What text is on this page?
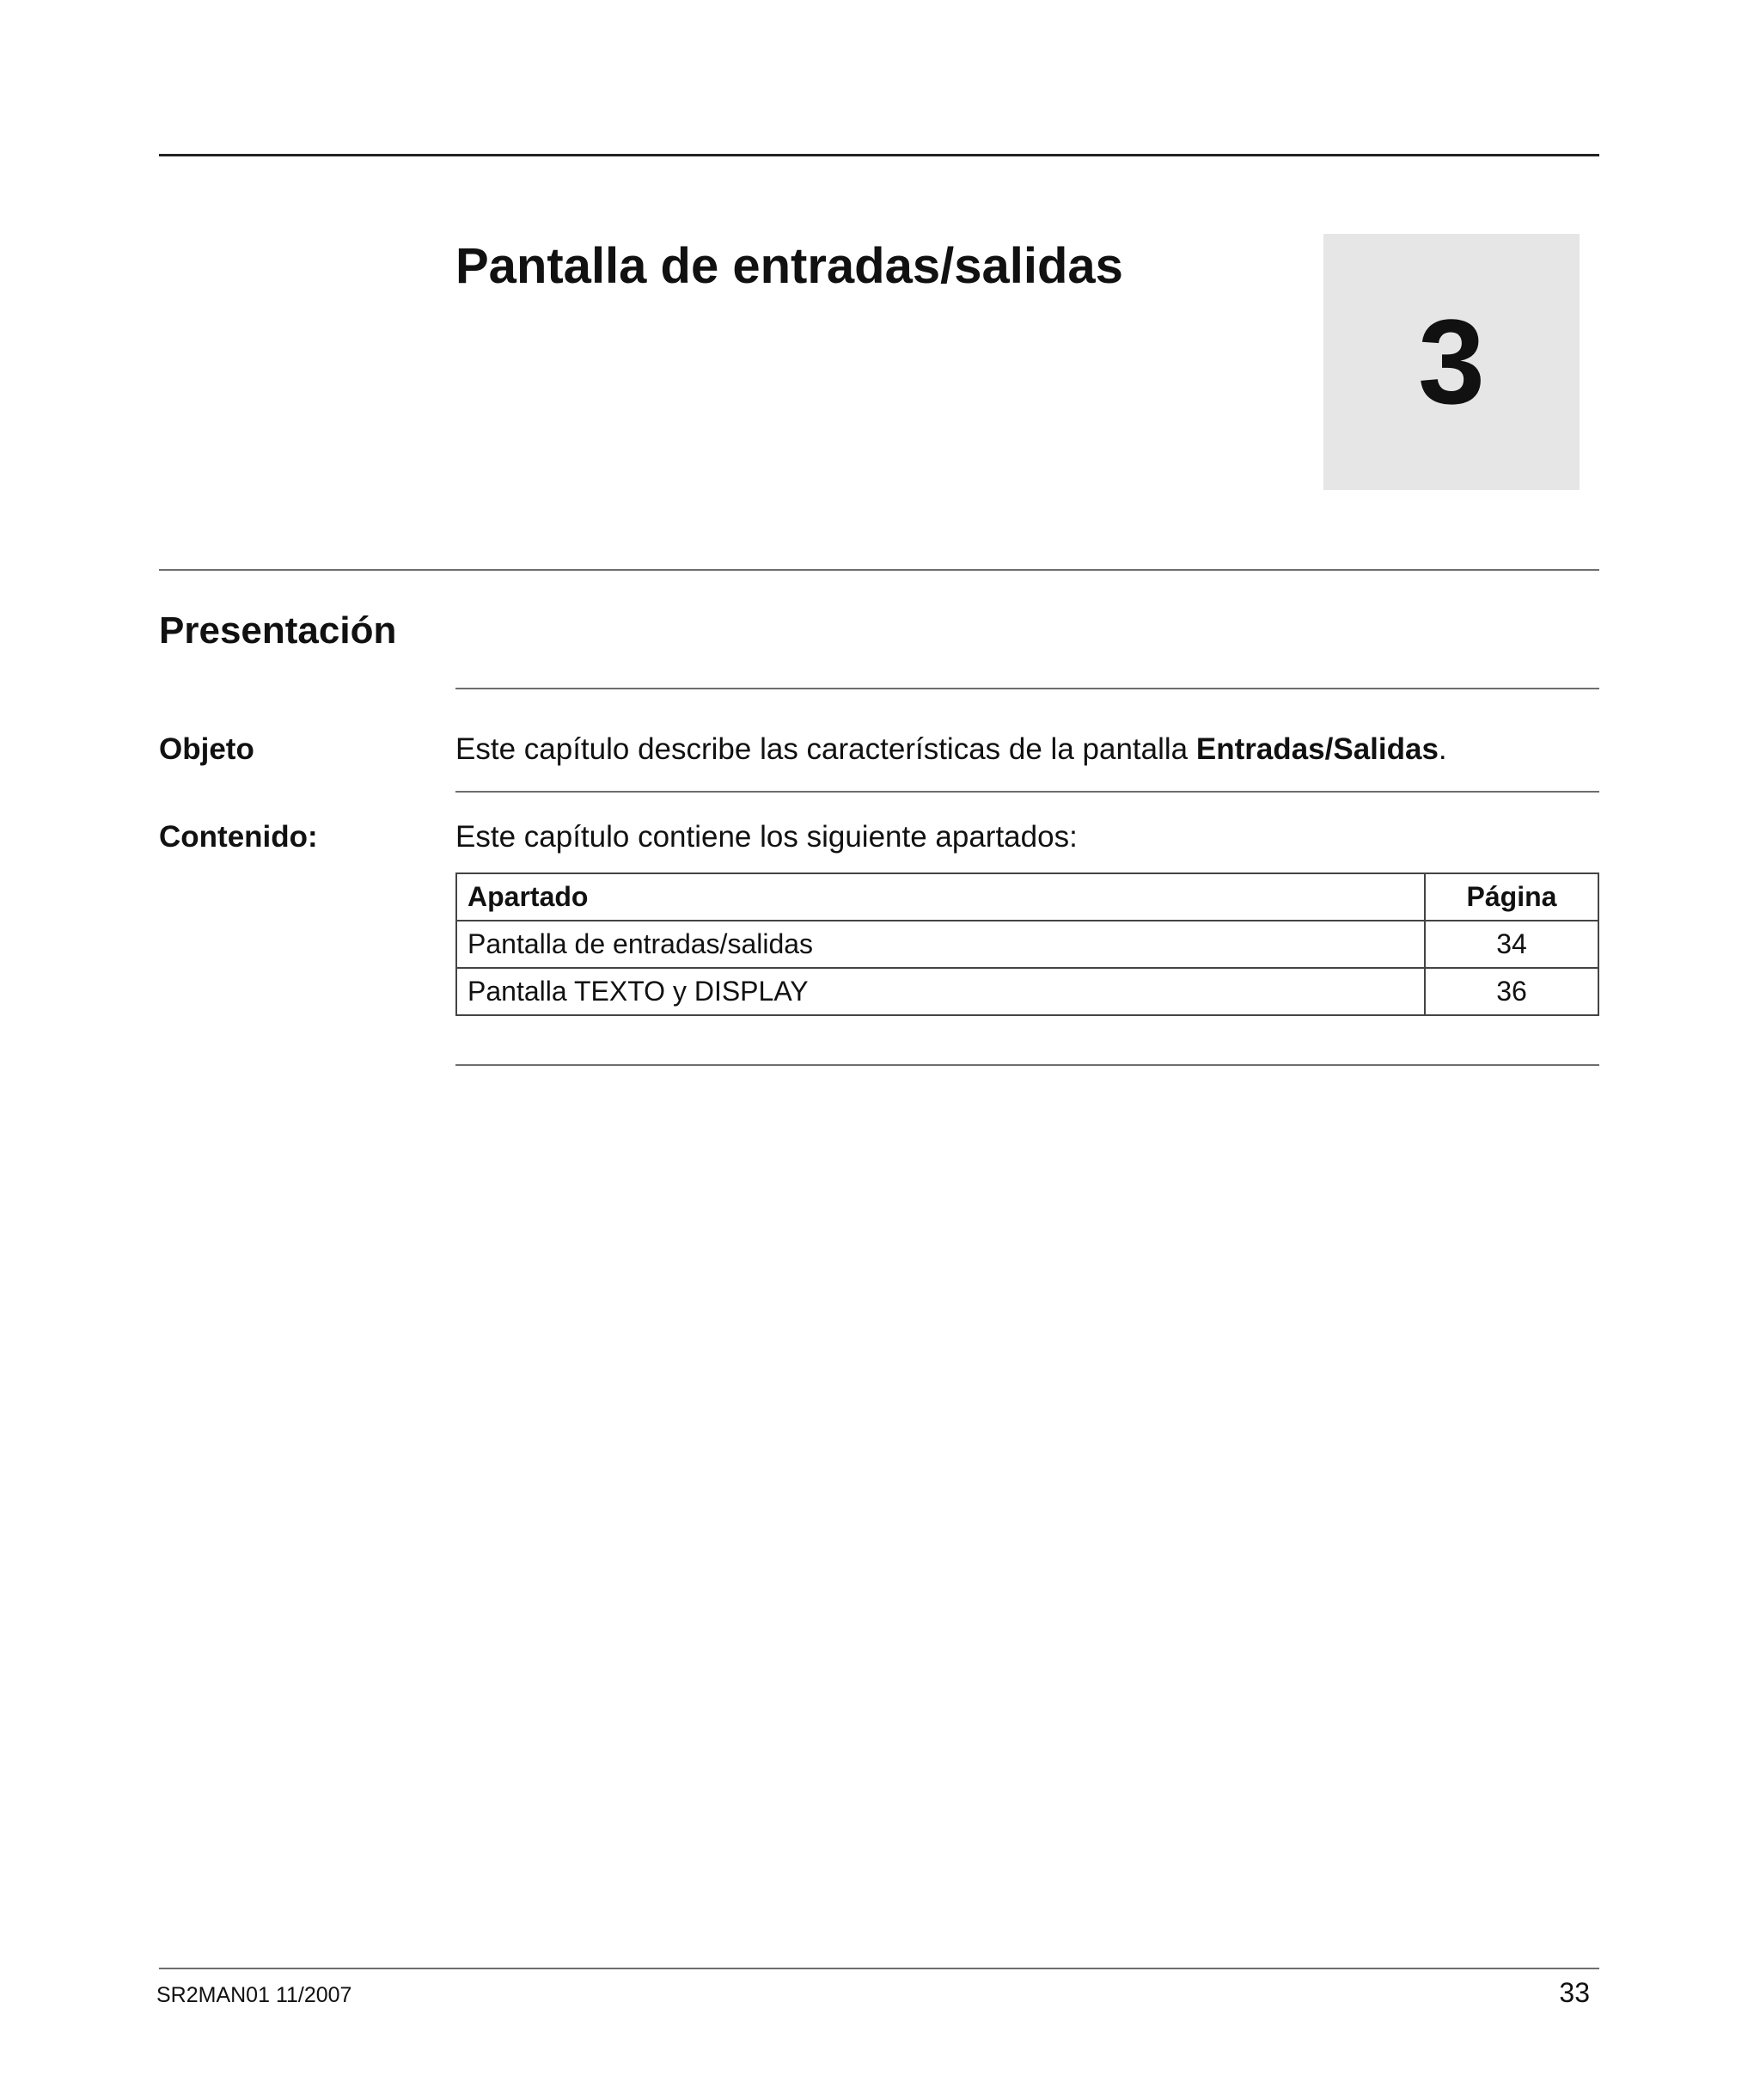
Pantalla de entradas/salidas
3
Presentación
Objeto	Este capítulo describe las características de la pantalla Entradas/Salidas.
Contenido:	Este capítulo contiene los siguiente apartados:
Apartado	Página
Pantalla de entradas/salidas	34
Pantalla TEXTO y DISPLAY	36
SR2MAN01 11/2007	33
